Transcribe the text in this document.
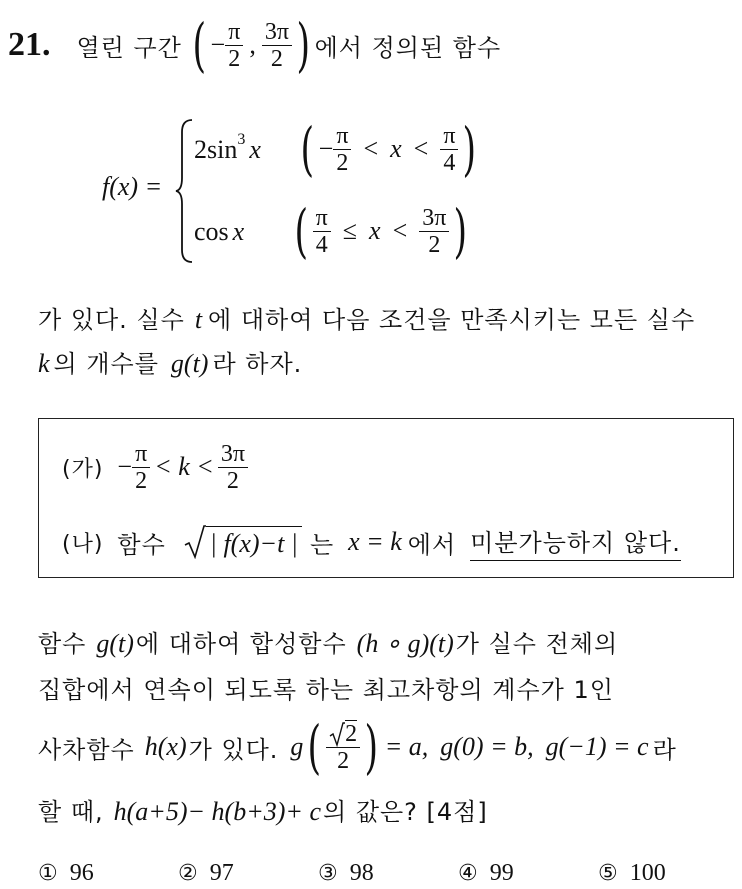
21. 열린 구간 ( − $\frac{\pi}{2}$ , $\frac{3\pi}{2}$ ) 에서 정의된 함수
f(x) =
$2\sin^3$ x ( − $\frac{\pi}{2} < x < \frac{\pi}{4}$ )
cos x ( $\frac{\pi}{4} \le x < \frac{3\pi}{2}$ )
가 있다. 실수 t 에 대하여 다음 조건을 만족시키는 모든 실수
k 의 개수를 g(t) 라 하자.
(가) − $\frac{\pi}{2} < k < \frac{3\pi}{2}$
(나) 함수 | f(x)−t | 는 x = k 에서 미분가능하지 않다.
함수 g(t) 에 대하여 합성함수 (h ∘ g)(t) 가 실수 전체의
집합에서 연속이 되도록 하는 최고차항의 계수가 1인
사차함수 h(x) 가 있다. g ( $\frac{2}{2}$ ) = a, g(0) = b, g(−1) = c 라
할 때, h(a+5)− h(b+3)+ c 의 값은? [4점]
① 96	② 97	③ 98	④ 99	⑤ 100
